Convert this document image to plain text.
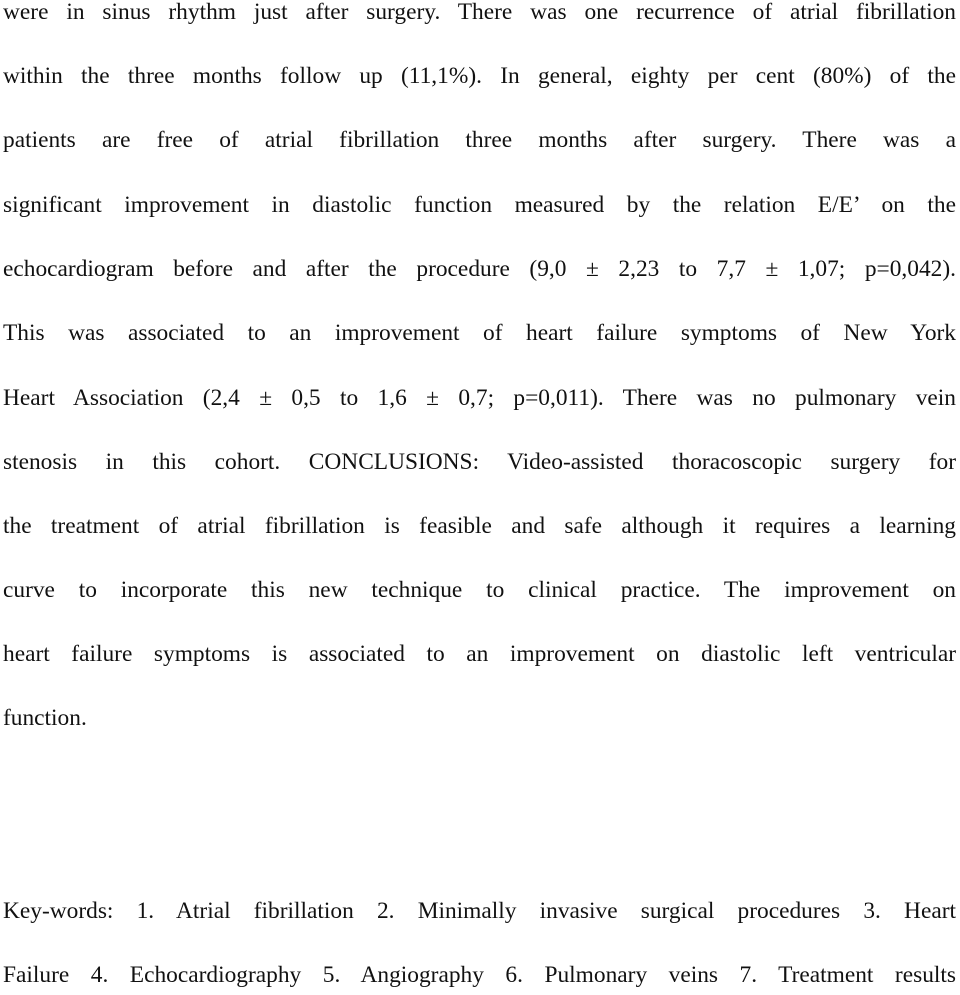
were in sinus rhythm just after surgery. There was one recurrence of atrial fibrillation
within the three months follow up (11,1%). In general, eighty per cent (80%) of the
patients are free of atrial fibrillation three months after surgery. There was a
significant improvement in diastolic function measured by the relation E/E’ on the
echocardiogram before and after the procedure (9,0 ± 2,23 to 7,7 ± 1,07; p=0,042).
This was associated to an improvement of heart failure symptoms of New York
Heart Association (2,4 ± 0,5 to 1,6 ± 0,7; p=0,011). There was no pulmonary vein
stenosis in this cohort. CONCLUSIONS: Video-assisted thoracoscopic surgery for
the treatment of atrial fibrillation is feasible and safe although it requires a learning
curve to incorporate this new technique to clinical practice. The improvement on
heart failure symptoms is associated to an improvement on diastolic left ventricular
function.
Key-words: 1. Atrial fibrillation 2. Minimally invasive surgical procedures 3. Heart
Failure 4. Echocardiography 5. Angiography 6. Pulmonary veins 7. Treatment results
